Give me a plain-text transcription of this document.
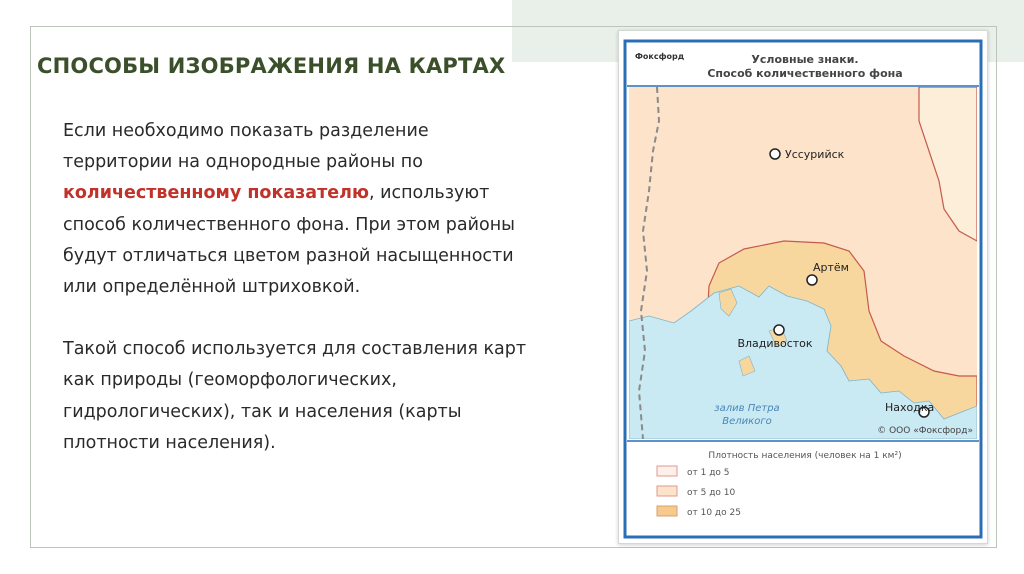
СПОСОБЫ ИЗОБРАЖЕНИЯ НА КАРТАХ

Если необходимо показать разделение территории на однородные районы по количественному показателю, используют способ количественного фона. При этом районы будут отличаться цветом разной насыщенности или определённой штриховкой.

Такой способ используется для составления карт как природы (геоморфологических, гидрологических), так и населения (карты плотности населения).

Фоксфорд	Условные знаки.
Способ количественного фона
Уссурийск
Артём
Владивосток
Находка
залив Петра
Великого
© ООО «Фоксфорд»
Плотность населения (человек на 1 км²)
от 1 до 5
от 5 до 10
от 10 до 25
